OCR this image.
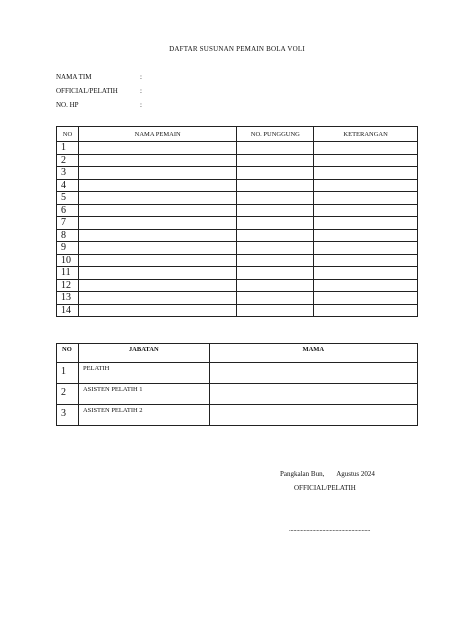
DAFTAR SUSUNAN PEMAIN BOLA VOLI
NAMA TIM	:
OFFICIAL/PELATIH	:
NO. HP	:
NO	NAMA PEMAIN	NO. PUNGGUNG	KETERANGAN
1			
2			
3			
4			
5			
6			
7			
8			
9			
10			
11			
12			
13			
14			
NO	JABATAN	MAMA
1	PELATIH	
2	ASISTEN PELATIH 1	
3	ASISTEN PELATIH 2	
Pangkalan Bun,       Agustus 2024
OFFICIAL/PELATIH
........................................................
